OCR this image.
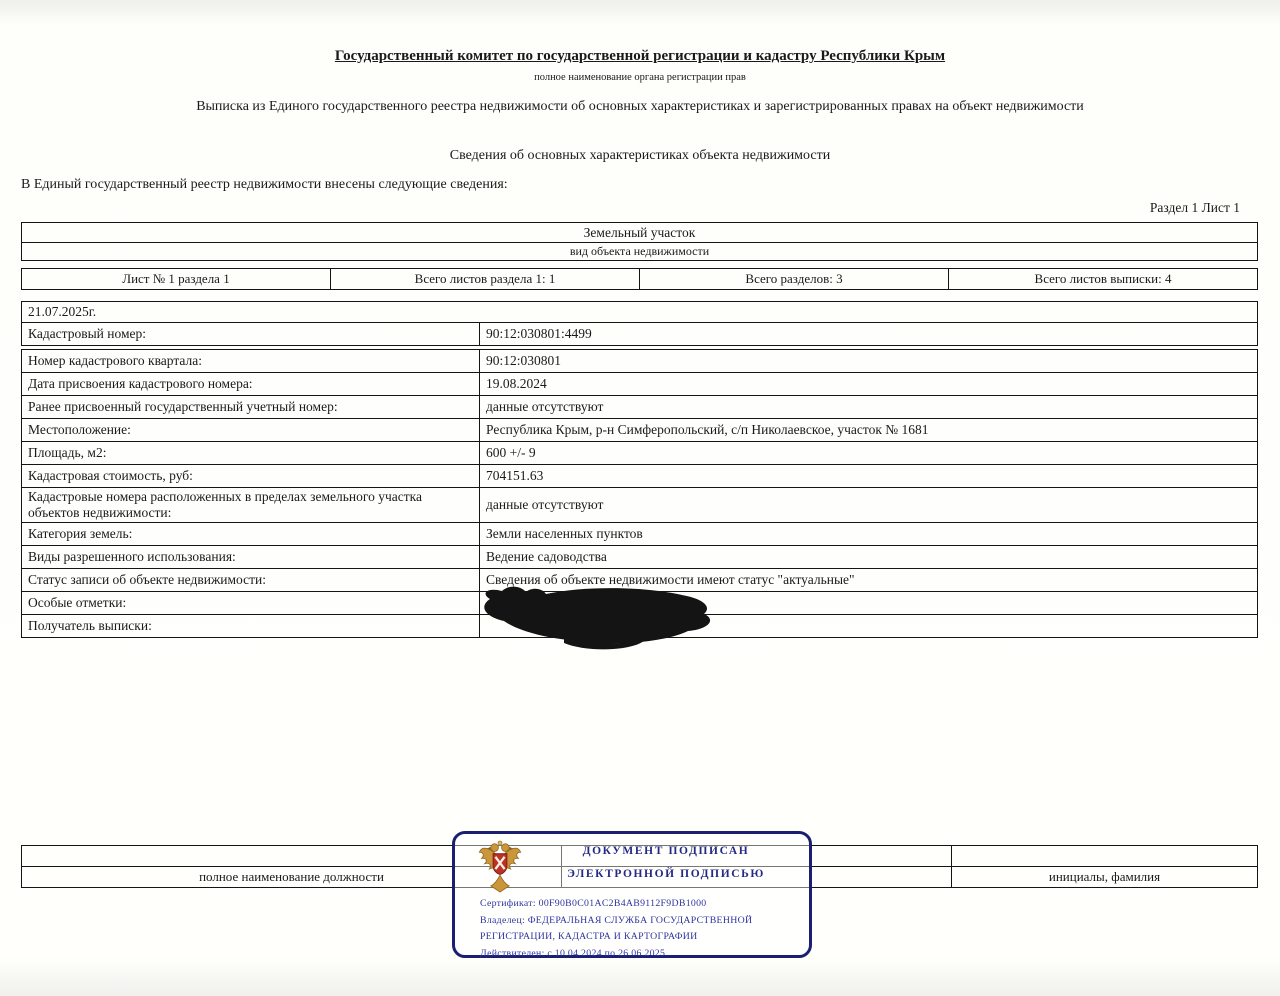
Государственный комитет по государственной регистрации и кадастру Республики Крым
полное наименование органа регистрации прав
Выписка из Единого государственного реестра недвижимости об основных характеристиках и зарегистрированных правах на объект недвижимости
Сведения об основных характеристиках объекта недвижимости
В Единый государственный реестр недвижимости внесены следующие сведения:
Раздел 1 Лист 1
Земельный участок
вид объекта недвижимости
Лист № 1 раздела 1	Всего листов раздела 1: 1	Всего разделов: 3	Всего листов выписки: 4
21.07.2025г.
Кадастровый номер:	90:12:030801:4499
Номер кадастрового квартала:	90:12:030801
Дата присвоения кадастрового номера:	19.08.2024
Ранее присвоенный государственный учетный номер:	данные отсутствуют
Местоположение:	Республика Крым, р-н Симферопольский, с/п Николаевское, участок № 1681
Площадь, м2:	600 +/- 9
Кадастровая стоимость, руб:	704151.63
Кадастровые номера расположенных в пределах земельного участка объектов недвижимости:	данные отсутствуют
Категория земель:	Земли населенных пунктов
Виды разрешенного использования:	Ведение садоводства
Статус записи об объекте недвижимости:	Сведения об объекте недвижимости имеют статус "актуальные"
Особые отметки:	
Получатель выписки:	

полное наименование должности		инициалы, фамилия
ДОКУМЕНТ ПОДПИСАН
ЭЛЕКТРОННОЙ ПОДПИСЬЮ
Сертификат: 00F90B0C01AC2B4AB9112F9DB1000
Владелец: ФЕДЕРАЛЬНАЯ СЛУЖБА ГОСУДАРСТВЕННОЙ
РЕГИСТРАЦИИ, КАДАСТРА И КАРТОГРАФИИ
Действителен: с 10.04.2024 по 26.06.2025
